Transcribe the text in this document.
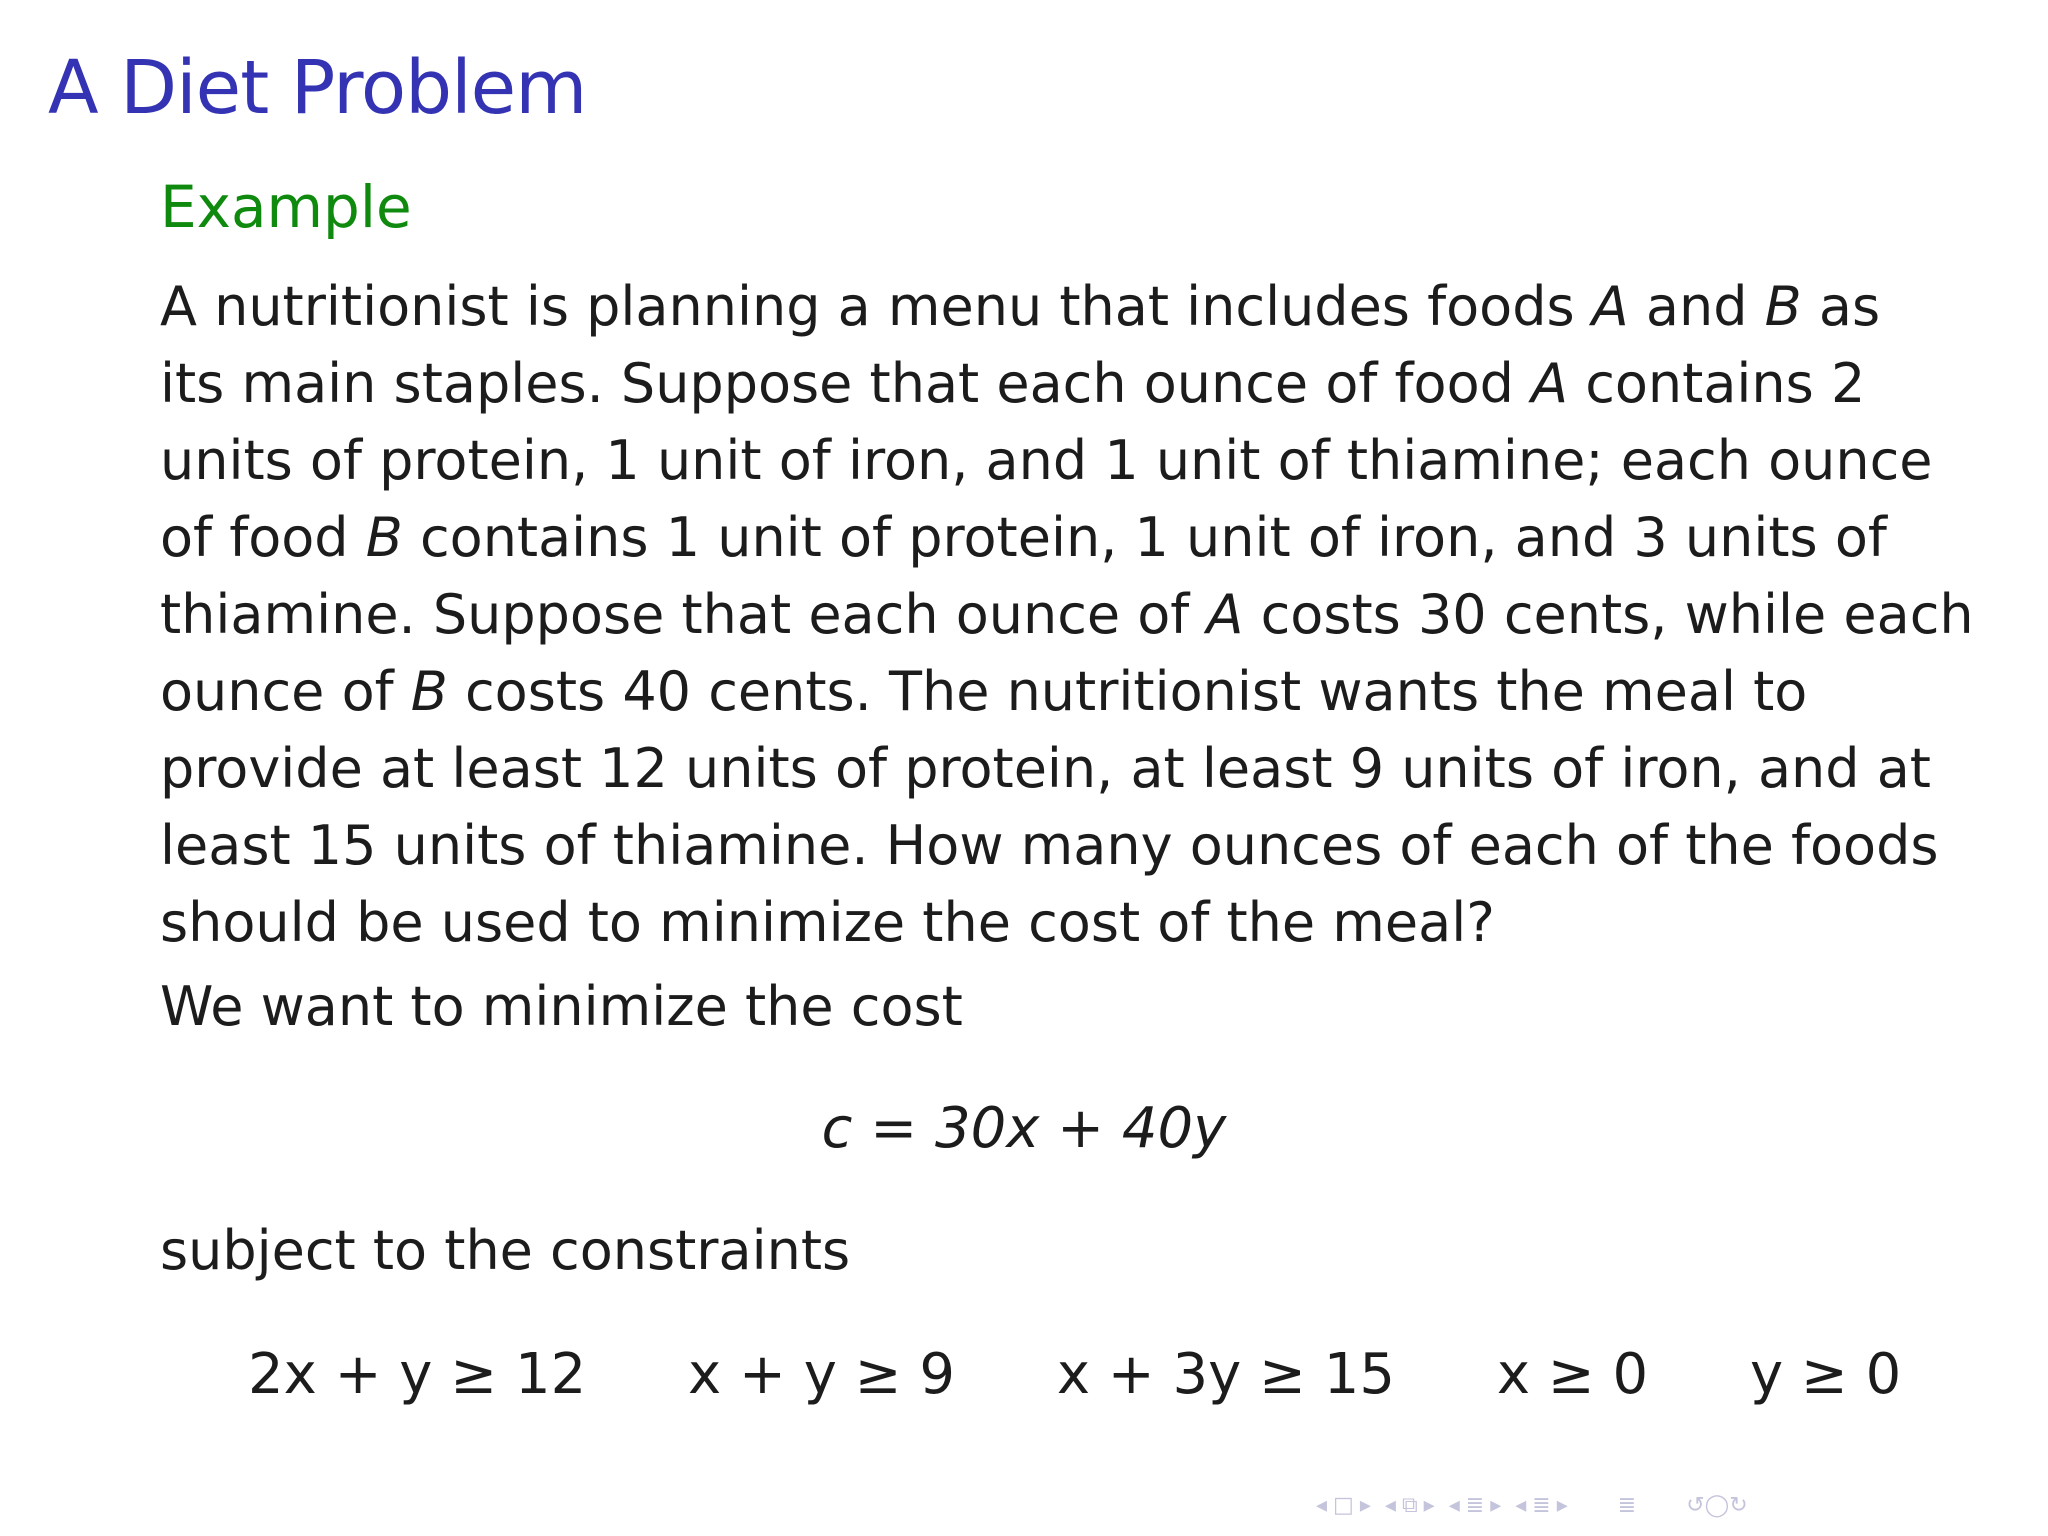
A Diet Problem
Example
A nutritionist is planning a menu that includes foods A and B as
its main staples. Suppose that each ounce of food A contains 2
units of protein, 1 unit of iron, and 1 unit of thiamine; each ounce
of food B contains 1 unit of protein, 1 unit of iron, and 3 units of
thiamine. Suppose that each ounce of A costs 30 cents, while each
ounce of B costs 40 cents. The nutritionist wants the meal to
provide at least 12 units of protein, at least 9 units of iron, and at
least 15 units of thiamine. How many ounces of each of the foods
should be used to minimize the cost of the meal?
We want to minimize the cost
c = 30x + 40y
subject to the constraints
2x + y ≥ 12 x + y ≥ 9 x + 3y ≥ 15 x ≥ 0 y ≥ 0
◂ □ ▸ ◂ ⧉ ▸ ◂ ≣ ▸ ◂ ≣ ▸ ≣ ↺◯↻
